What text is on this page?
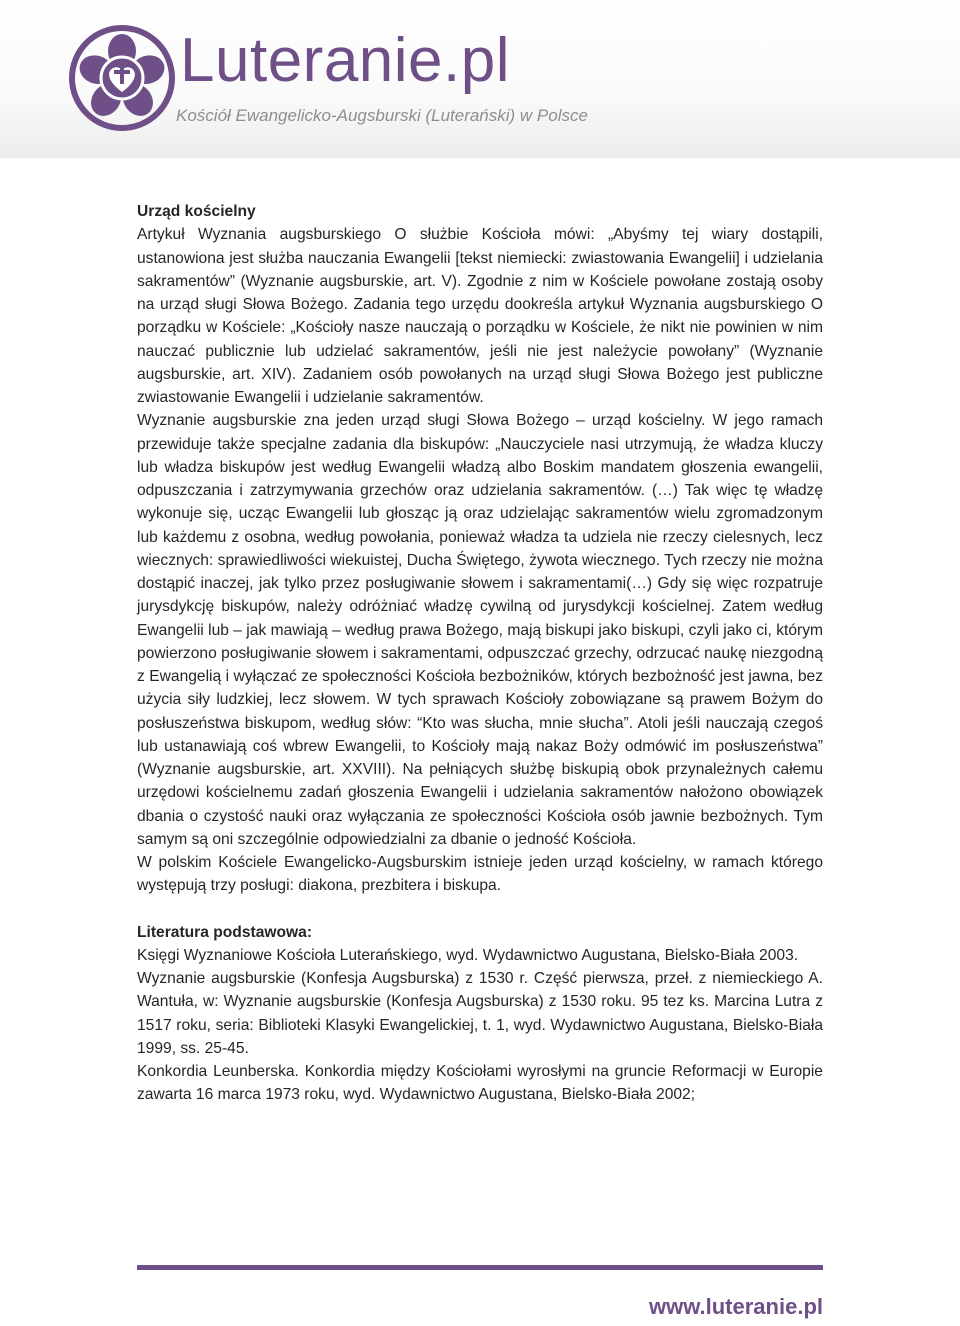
Luteranie.pl
Kościół Ewangelicko-Augsburski (Luterański) w Polsce

Urząd kościelny

Artykuł Wyznania augsburskiego O służbie Kościoła mówi: „Abyśmy tej wiary dostąpili, ustanowiona jest służba nauczania Ewangelii [tekst niemiecki: zwiastowania Ewangelii] i udzielania sakramentów” (Wyznanie augsburskie, art. V). Zgodnie z nim w Kościele powołane zostają osoby na urząd sługi Słowa Bożego. Zadania tego urzędu dookreśla artykuł Wyznania augsburskiego O porządku w Kościele: „Kościoły nasze nauczają o porządku w Kościele, że nikt nie powinien w nim nauczać publicznie lub udzielać sakramentów, jeśli nie jest należycie powołany” (Wyznanie augsburskie, art. XIV). Zadaniem osób powołanych na urząd sługi Słowa Bożego jest publiczne zwiastowanie Ewangelii i udzielanie sakramentów.

Wyznanie augsburskie zna jeden urząd sługi Słowa Bożego – urząd kościelny. W jego ramach przewiduje także specjalne zadania dla biskupów: „Nauczyciele nasi utrzymują, że władza kluczy lub władza biskupów jest według Ewangelii władzą albo Boskim mandatem głoszenia ewangelii, odpuszczania i zatrzymywania grzechów oraz udzielania sakramentów. (…) Tak więc tę władzę wykonuje się, ucząc Ewangelii lub głosząc ją oraz udzielając sakramentów wielu zgromadzonym lub każdemu z osobna, według powołania, ponieważ władza ta udziela nie rzeczy cielesnych, lecz wiecznych: sprawiedliwości wiekuistej, Ducha Świętego, żywota wiecznego. Tych rzeczy nie można dostąpić inaczej, jak tylko przez posługiwanie słowem i sakramentami(…) Gdy się więc rozpatruje jurysdykcję biskupów, należy odróżniać władzę cywilną od jurysdykcji kościelnej. Zatem według Ewangelii lub – jak mawiają – według prawa Bożego, mają biskupi jako biskupi, czyli jako ci, którym powierzono posługiwanie słowem i sakramentami, odpuszczać grzechy, odrzucać naukę niezgodną z Ewangelią i wyłączać ze społeczności Kościoła bezbożników, których bezbożność jest jawna, bez użycia siły ludzkiej, lecz słowem. W tych sprawach Kościoły zobowiązane są prawem Bożym do posłuszeństwa biskupom, według słów: “Kto was słucha, mnie słucha”. Atoli jeśli nauczają czegoś lub ustanawiają coś wbrew Ewangelii, to Kościoły mają nakaz Boży odmówić im posłuszeństwa” (Wyznanie augsburskie, art. XXVIII). Na pełniących służbę biskupią obok przynależnych całemu urzędowi kościelnemu zadań głoszenia Ewangelii i udzielania sakramentów nałożono obowiązek dbania o czystość nauki oraz wyłączania ze społeczności Kościoła osób jawnie bezbożnych. Tym samym są oni szczególnie odpowiedzialni za dbanie o jedność Kościoła.

W polskim Kościele Ewangelicko-Augsburskim istnieje jeden urząd kościelny, w ramach którego występują trzy posługi: diakona, prezbitera i biskupa.

Literatura podstawowa:

Księgi Wyznaniowe Kościoła Luterańskiego, wyd. Wydawnictwo Augustana, Bielsko-Biała 2003.

Wyznanie augsburskie (Konfesja Augsburska) z 1530 r. Część pierwsza, przeł. z niemieckiego A. Wantuła, w: Wyznanie augsburskie (Konfesja Augsburska) z 1530 roku. 95 tez ks. Marcina Lutra z 1517 roku, seria: Biblioteki Klasyki Ewangelickiej, t. 1, wyd. Wydawnictwo Augustana, Bielsko-Biała 1999, ss. 25-45.

Konkordia Leunberska. Konkordia między Kościołami wyrosłymi na gruncie Reformacji w Europie zawarta 16 marca 1973 roku, wyd. Wydawnictwo Augustana, Bielsko-Biała 2002;

www.luteranie.pl
